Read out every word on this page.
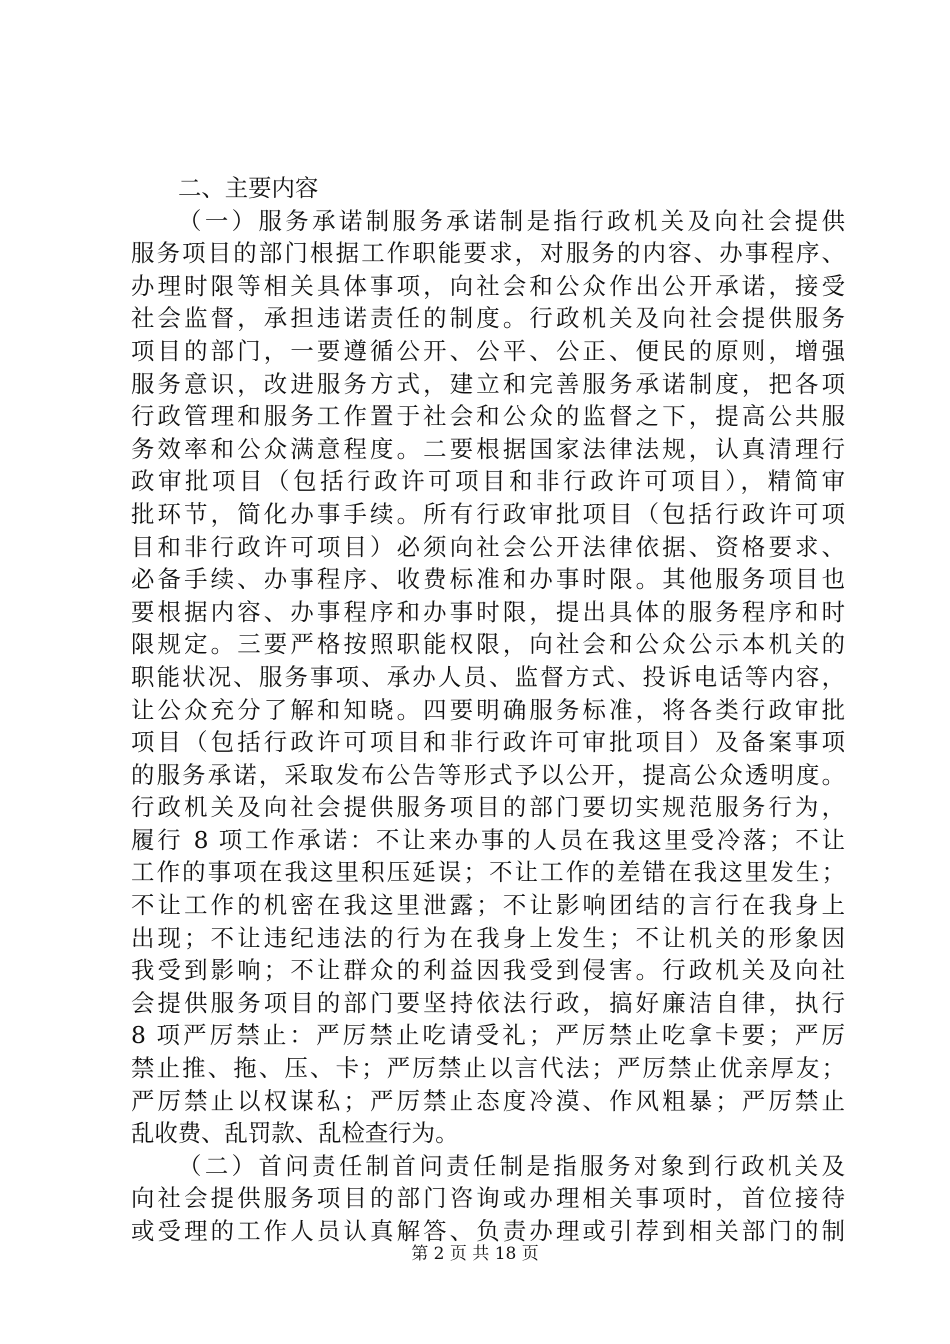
二、主要内容
（一）服务承诺制服务承诺制是指行政机关及向社会提供
服务项目的部门根据工作职能要求，对服务的内容、办事程序、
办理时限等相关具体事项，向社会和公众作出公开承诺，接受
社会监督，承担违诺责任的制度。行政机关及向社会提供服务
项目的部门，一要遵循公开、公平、公正、便民的原则，增强
服务意识，改进服务方式，建立和完善服务承诺制度，把各项
行政管理和服务工作置于社会和公众的监督之下，提高公共服
务效率和公众满意程度。二要根据国家法律法规，认真清理行
政审批项目（包括行政许可项目和非行政许可项目），精简审
批环节，简化办事手续。所有行政审批项目（包括行政许可项
目和非行政许可项目）必须向社会公开法律依据、资格要求、
必备手续、办事程序、收费标准和办事时限。其他服务项目也
要根据内容、办事程序和办事时限，提出具体的服务程序和时
限规定。三要严格按照职能权限，向社会和公众公示本机关的
职能状况、服务事项、承办人员、监督方式、投诉电话等内容，
让公众充分了解和知晓。四要明确服务标准，将各类行政审批
项目（包括行政许可项目和非行政许可审批项目）及备案事项
的服务承诺，采取发布公告等形式予以公开，提高公众透明度。
行政机关及向社会提供服务项目的部门要切实规范服务行为，
履行 8 项工作承诺：不让来办事的人员在我这里受冷落；不让
工作的事项在我这里积压延误；不让工作的差错在我这里发生；
不让工作的机密在我这里泄露；不让影响团结的言行在我身上
出现；不让违纪违法的行为在我身上发生；不让机关的形象因
我受到影响；不让群众的利益因我受到侵害。行政机关及向社
会提供服务项目的部门要坚持依法行政，搞好廉洁自律，执行
8 项严厉禁止：严厉禁止吃请受礼；严厉禁止吃拿卡要；严厉
禁止推、拖、压、卡；严厉禁止以言代法；严厉禁止优亲厚友；
严厉禁止以权谋私；严厉禁止态度冷漠、作风粗暴；严厉禁止
乱收费、乱罚款、乱检查行为。
（二）首问责任制首问责任制是指服务对象到行政机关及
向社会提供服务项目的部门咨询或办理相关事项时，首位接待
或受理的工作人员认真解答、负责办理或引荐到相关部门的制
第 2 页 共 18 页
